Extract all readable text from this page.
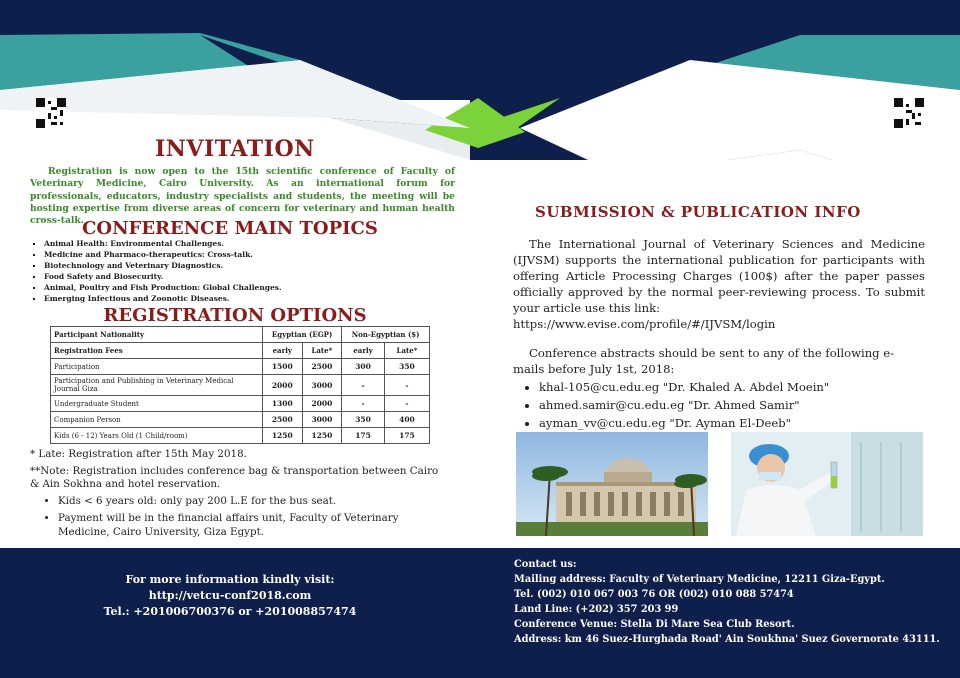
INVITATION
Registration is now open to the 15th scientific conference of Faculty of Veterinary Medicine, Cairo University. As an international forum for professionals, educators, industry specialists and students, the meeting will be hosting expertise from diverse areas of concern for veterinary and human health cross-talk.
CONFERENCE MAIN TOPICS
▪ Animal Health: Environmental Challenges.
▪ Medicine and Pharmaco-therapeutics: Cross-talk.
▪ Biotechnology and Veterinary Diagnostics.
▪ Food Safety and Biosecurity.
▪ Animal, Poultry and Fish Production: Global Challenges.
▪ Emerging Infectious and Zoonotic Diseases.
REGISTRATION OPTIONS
Participant Nationality	Egyptian (EGP)		Non-Egyptian ($)	
Registration Fees	early	Late*	early	Late*
Participation	1500	2500	300	350
Participation and Publishing in Veterinary Medical Journal Giza	2000	3000	-	-
Undergraduate Student	1300	2000	-	-
Companion Person	2500	3000	350	400
Kids (6 - 12) Years Old (1 Child/room)	1250	1250	175	175

* Late: Registration after 15th May 2018.

**Note: Registration includes conference bag & transportation between Cairo & Ain Sokhna and hotel reservation.

• Kids < 6 years old: only pay 200 L.E for the bus seat.
• Payment will be in the financial affairs unit, Faculty of Veterinary Medicine, Cairo University, Giza Egypt.
SUBMISSION & PUBLICATION INFO

The International Journal of Veterinary Sciences and Medicine (IJVSM) supports the international publication for participants with offering Article Processing Charges (100$) after the paper passes officially approved by the normal peer-reviewing process. To submit your article use this link:

https://www.evise.com/profile/#/IJVSM/login

Conference abstracts should be sent to any of the following e-mails before July 1st, 2018:

• khal-105@cu.edu.eg "Dr. Khaled A. Abdel Moein"
• ahmed.samir@cu.edu.eg "Dr. Ahmed Samir"
• ayman_vv@cu.edu.eg "Dr. Ayman El-Deeb"
For more information kindly visit:
http://vetcu-conf2018.com
Tel.: +201006700376 or +201008857474
Contact us:
Mailing address: Faculty of Veterinary Medicine, 12211 Giza-Egypt.
Tel. (002) 010 067 003 76 OR (002) 010 088 57474
Land Line: (+202) 357 203 99
Conference Venue: Stella Di Mare Sea Club Resort.
Address: km 46 Suez-Hurghada Road' Ain Soukhna' Suez Governorate 43111.
